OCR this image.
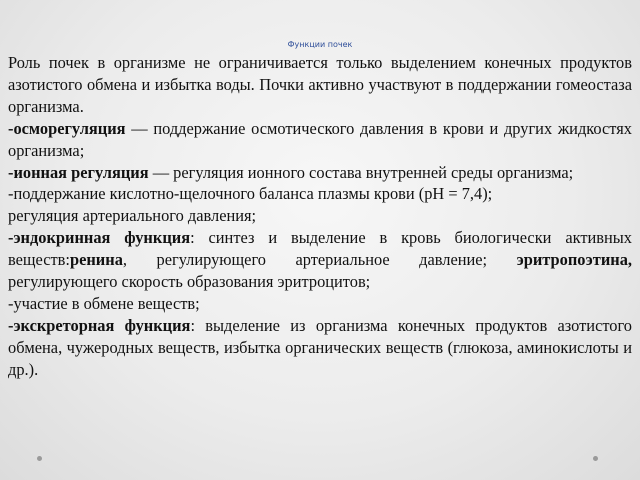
Функции почек

Роль почек в организме не ограничивается только выделением конечных продуктов азотистого обмена и избытка воды. Почки активно участвуют в поддержании гомеостаза организма.

-осморегуляция — поддержание осмотического давления в крови и других жидкостях организма;

-ионная регуляция — регуляция ионного состава внутренней среды организма;

-поддержание кислотно-щелочного баланса плазмы крови (pH = 7,4);

регуляция артериального давления;

-эндокринная функция: синтез и выделение в кровь биологически активных веществ:ренина, регулирующего артериальное давление; эритропоэтина, регулирующего скорость образования эритроцитов;

-участие в обмене веществ;

-экскреторная функция: выделение из организма конечных продуктов азотистого обмена, чужеродных веществ, избытка органических веществ (глюкоза, аминокислоты и др.).
